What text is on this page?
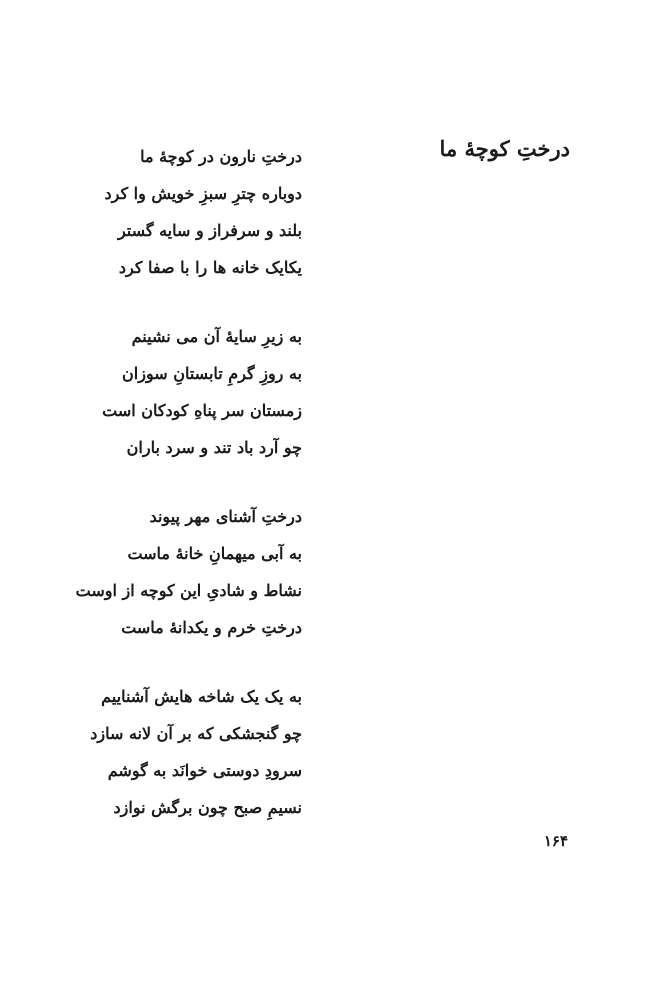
درختِ کوچهٔ ما
درختِ نارون در کوچهٔ ما
دوباره چترِ سبزِ خویش وا کرد
بلند و سرفراز و سایه گستر
یکایک خانه ها را با صفا کرد
به زیرِ سایهٔ آن می نشینم
به روزِ گرمِ تابستانِ سوزان
زمستان سر پناهِ کودکان است
چو آرد باد تند و سرد باران
درختِ آشنای مهر پیوند
به آبی میهمانِ خانهٔ ماست
نشاط و شادیِ این کوچه از اوست
درختِ خرم و یکدانهٔ ماست
به یک یک شاخه هایش آشناییم
چو گنجشکی که بر آن لانه سازد
سرودِ دوستی خوانَد به گوشم
نسیمِ صبح چون برگش نوازد
۱۶۴
